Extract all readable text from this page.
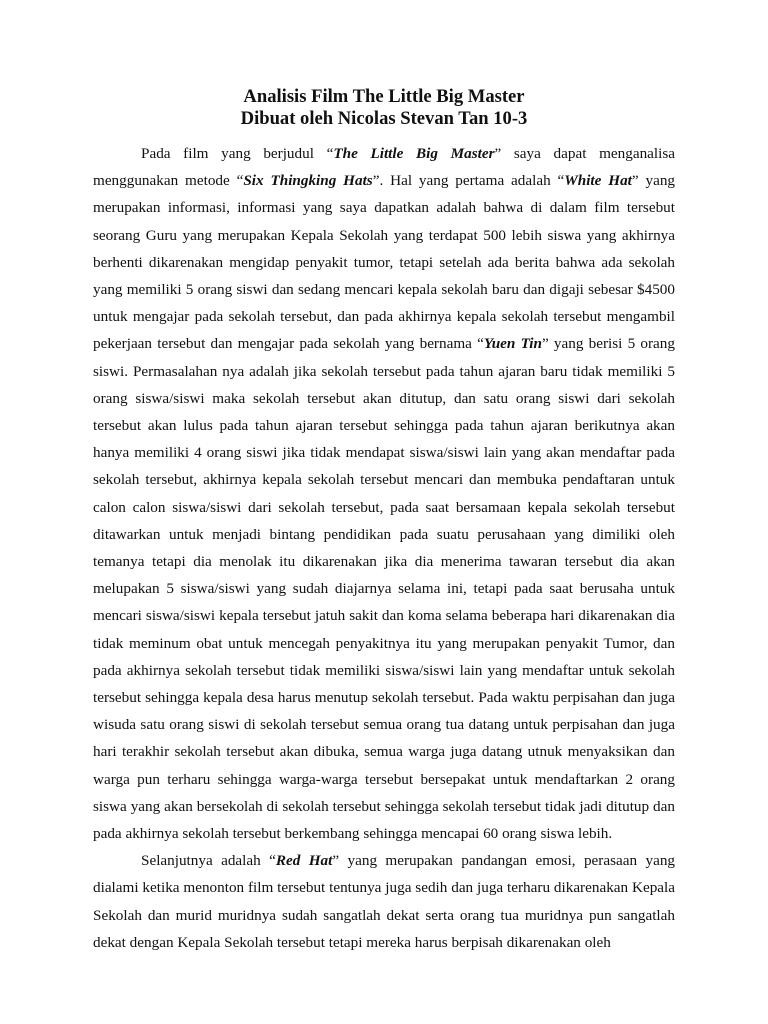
Analisis Film The Little Big Master
Dibuat oleh Nicolas Stevan Tan 10-3

Pada film yang berjudul “The Little Big Master” saya dapat menganalisa menggunakan metode “Six Thingking Hats”. Hal yang pertama adalah “White Hat” yang merupakan informasi, informasi yang saya dapatkan adalah bahwa di dalam film tersebut seorang Guru yang merupakan Kepala Sekolah yang terdapat 500 lebih siswa yang akhirnya berhenti dikarenakan mengidap penyakit tumor, tetapi setelah ada berita bahwa ada sekolah yang memiliki 5 orang siswi dan sedang mencari kepala sekolah baru dan digaji sebesar $4500 untuk mengajar pada sekolah tersebut, dan pada akhirnya kepala sekolah tersebut mengambil pekerjaan tersebut dan mengajar pada sekolah yang bernama “Yuen Tin” yang berisi 5 orang siswi. Permasalahan nya adalah jika sekolah tersebut pada tahun ajaran baru tidak memiliki 5 orang siswa/siswi maka sekolah tersebut akan ditutup, dan satu orang siswi dari sekolah tersebut akan lulus pada tahun ajaran tersebut sehingga pada tahun ajaran berikutnya akan hanya memiliki 4 orang siswi jika tidak mendapat siswa/siswi lain yang akan mendaftar pada sekolah tersebut, akhirnya kepala sekolah tersebut mencari dan membuka pendaftaran untuk calon calon siswa/siswi dari sekolah tersebut, pada saat bersamaan kepala sekolah tersebut ditawarkan untuk menjadi bintang pendidikan pada suatu perusahaan yang dimiliki oleh temanya tetapi dia menolak itu dikarenakan jika dia menerima tawaran tersebut dia akan melupakan 5 siswa/siswi yang sudah diajarnya selama ini, tetapi pada saat berusaha untuk mencari siswa/siswi kepala tersebut jatuh sakit dan koma selama beberapa hari dikarenakan dia tidak meminum obat untuk mencegah penyakitnya itu yang merupakan penyakit Tumor, dan pada akhirnya sekolah tersebut tidak memiliki siswa/siswi lain yang mendaftar untuk sekolah tersebut sehingga kepala desa harus menutup sekolah tersebut. Pada waktu perpisahan dan juga wisuda satu orang siswi di sekolah tersebut semua orang tua datang untuk perpisahan dan juga hari terakhir sekolah tersebut akan dibuka, semua warga juga datang utnuk menyaksikan dan warga pun terharu sehingga warga-warga tersebut bersepakat untuk mendaftarkan 2 orang siswa yang akan bersekolah di sekolah tersebut sehingga sekolah tersebut tidak jadi ditutup dan pada akhirnya sekolah tersebut berkembang sehingga mencapai 60 orang siswa lebih.

Selanjutnya adalah “Red Hat” yang merupakan pandangan emosi, perasaan yang dialami ketika menonton film tersebut tentunya juga sedih dan juga terharu dikarenakan Kepala Sekolah dan murid muridnya sudah sangatlah dekat serta orang tua muridnya pun sangatlah dekat dengan Kepala Sekolah tersebut tetapi mereka harus berpisah dikarenakan oleh
